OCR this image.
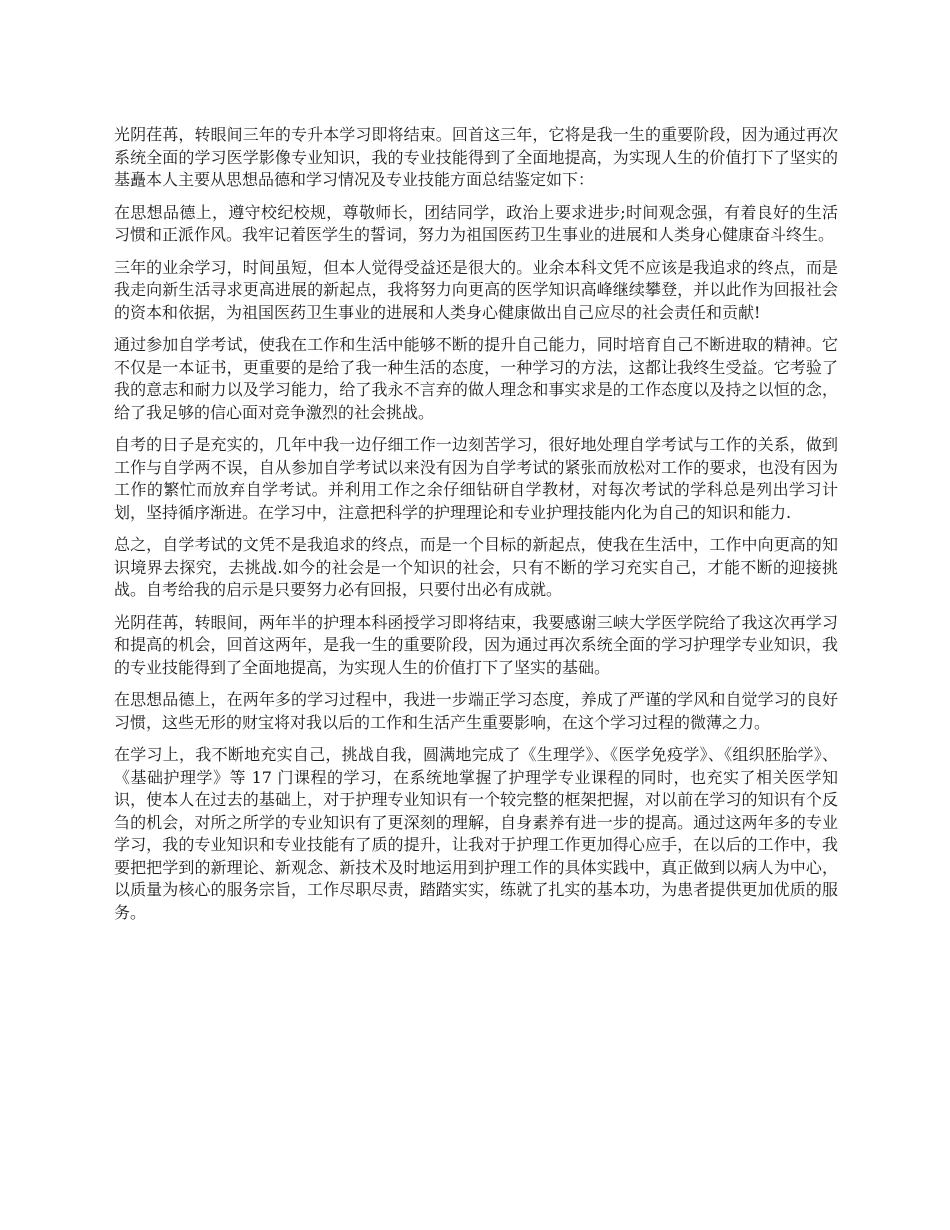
光阴荏苒，转眼间三年的专升本学习即将结束。回首这三年，它将是我一生的重要阶段，因为通过再次系统全面的学习医学影像专业知识，我的专业技能得到了全面地提高，为实现人生的价值打下了坚实的基矗本人主要从思想品德和学习情况及专业技能方面总结鉴定如下：

在思想品德上，遵守校纪校规，尊敬师长，团结同学，政治上要求进步;时间观念强，有着良好的生活习惯和正派作风。我牢记着医学生的誓词，努力为祖国医药卫生事业的进展和人类身心健康奋斗终生。

三年的业余学习，时间虽短，但本人觉得受益还是很大的。业余本科文凭不应该是我追求的终点，而是我走向新生活寻求更高进展的新起点，我将努力向更高的医学知识高峰继续攀登，并以此作为回报社会的资本和依据，为祖国医药卫生事业的进展和人类身心健康做出自己应尽的社会责任和贡献!

通过参加自学考试，使我在工作和生活中能够不断的提升自己能力，同时培育自己不断进取的精神。它不仅是一本证书，更重要的是给了我一种生活的态度，一种学习的方法，这都让我终生受益。它考验了我的意志和耐力以及学习能力，给了我永不言弃的做人理念和事实求是的工作态度以及持之以恒的念，给了我足够的信心面对竞争激烈的社会挑战。

自考的日子是充实的，几年中我一边仔细工作一边刻苦学习，很好地处理自学考试与工作的关系，做到工作与自学两不误，自从参加自学考试以来没有因为自学考试的紧张而放松对工作的要求，也没有因为工作的繁忙而放弃自学考试。并利用工作之余仔细钻研自学教材，对每次考试的学科总是列出学习计划，坚持循序渐进。在学习中，注意把科学的护理理论和专业护理技能内化为自己的知识和能力.

总之，自学考试的文凭不是我追求的终点，而是一个目标的新起点，使我在生活中，工作中向更高的知识境界去探究，去挑战.如今的社会是一个知识的社会，只有不断的学习充实自己，才能不断的迎接挑战。自考给我的启示是只要努力必有回报，只要付出必有成就。

光阴荏苒，转眼间，两年半的护理本科函授学习即将结束，我要感谢三峡大学医学院给了我这次再学习和提高的机会，回首这两年，是我一生的重要阶段，因为通过再次系统全面的学习护理学专业知识，我的专业技能得到了全面地提高，为实现人生的价值打下了坚实的基础。

在思想品德上，在两年多的学习过程中，我进一步端正学习态度，养成了严谨的学风和自觉学习的良好习惯，这些无形的财宝将对我以后的工作和生活产生重要影响，在这个学习过程的微薄之力。

在学习上，我不断地充实自己，挑战自我，圆满地完成了《生理学》、《医学免疫学》、《组织胚胎学》、《基础护理学》等 17 门课程的学习，在系统地掌握了护理学专业课程的同时，也充实了相关医学知识，使本人在过去的基础上，对于护理专业知识有一个较完整的框架把握，对以前在学习的知识有个反刍的机会，对所之所学的专业知识有了更深刻的理解，自身素养有进一步的提高。通过这两年多的专业学习，我的专业知识和专业技能有了质的提升，让我对于护理工作更加得心应手，在以后的工作中，我要把把学到的新理论、新观念、新技术及时地运用到护理工作的具体实践中，真正做到以病人为中心，以质量为核心的服务宗旨，工作尽职尽责，踏踏实实，练就了扎实的基本功，为患者提供更加优质的服务。
